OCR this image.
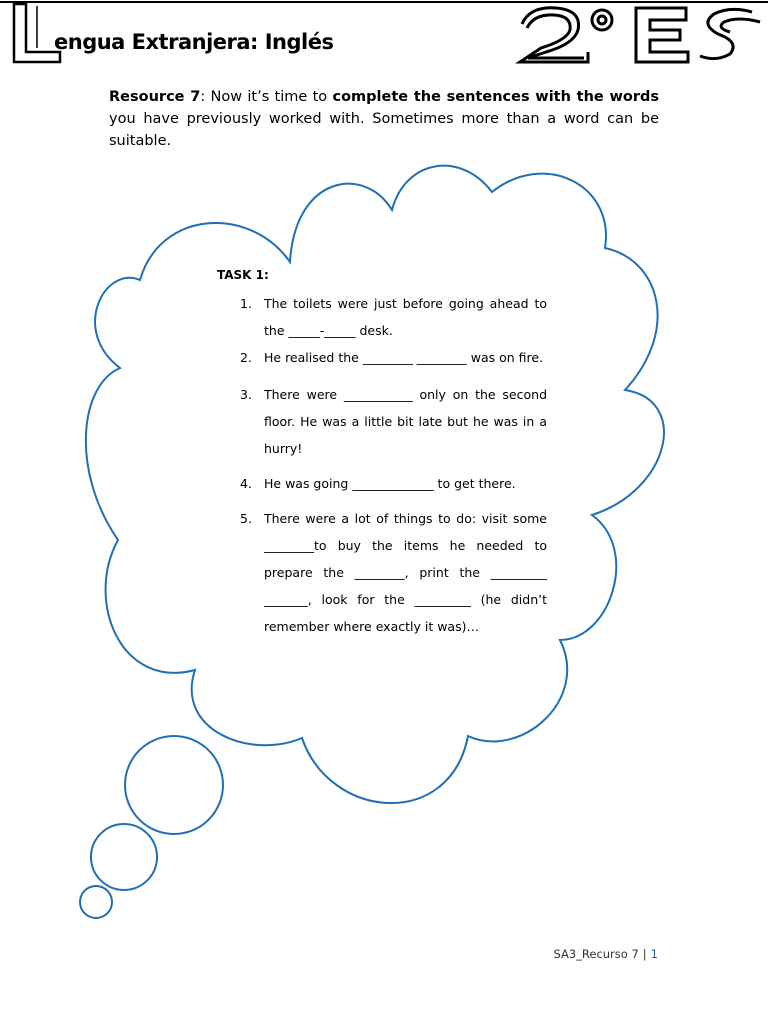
engua Extranjera: Inglés

Resource 7: Now it’s time to complete the sentences with the words you have previously worked with. Sometimes more than a word can be suitable.

TASK 1:

1. The toilets were just before going ahead to the _____-_____ desk.
2. He realised the ________ ________ was on fire.
3. There were ___________ only on the second floor. He was a little bit late but he was in a hurry!
4. He was going _____________ to get there.
5. There were a lot of things to do: visit some ________to buy the items he needed to prepare the ________, print the _________ _______, look for the _________ (he didn’t remember where exactly it was)…
SA3_Recurso 7 | 1
